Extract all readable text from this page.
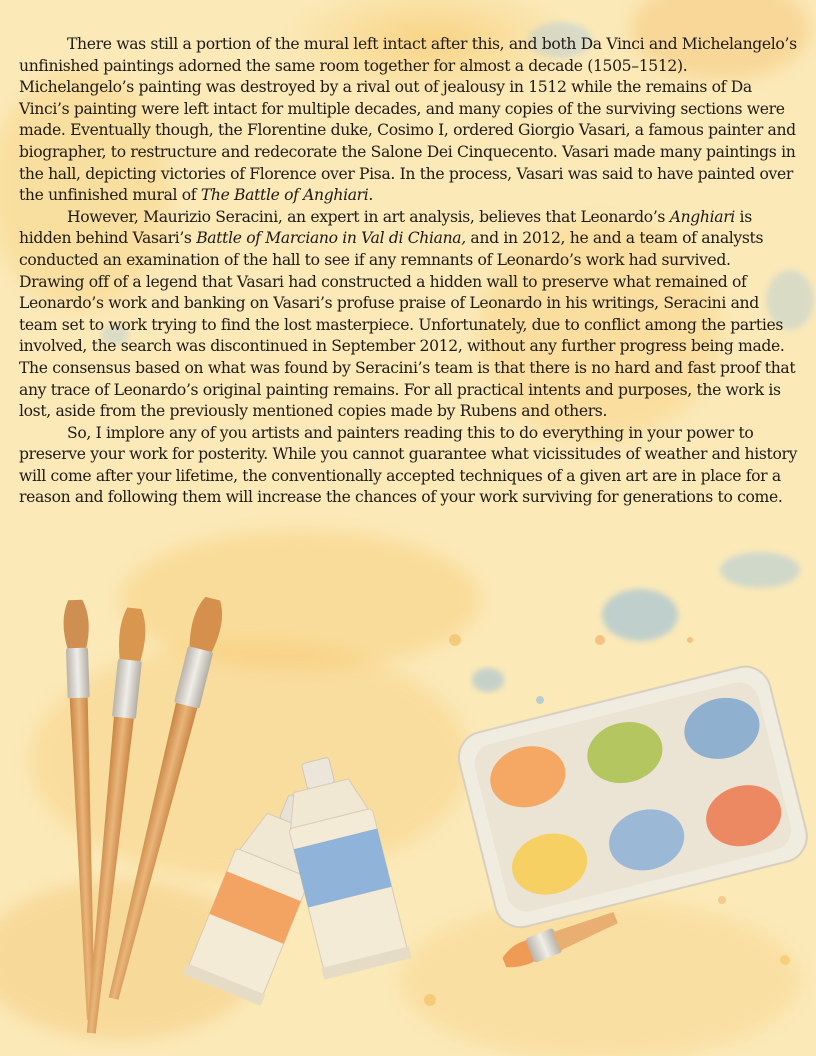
There was still a portion of the mural left intact after this, and both Da Vinci and Michelangelo’s unfinished paintings adorned the same room together for almost a decade (1505–1512). Michelangelo’s painting was destroyed by a rival out of jealousy in 1512 while the remains of Da Vinci’s painting were left intact for multiple decades, and many copies of the surviving sections were made. Eventually though, the Florentine duke, Cosimo I, ordered Giorgio Vasari, a famous painter and biographer, to restructure and redecorate the Salone Dei Cinquecento. Vasari made many paintings in the hall, depicting victories of Florence over Pisa. In the process, Vasari was said to have painted over the unfinished mural of The Battle of Anghiari.

However, Maurizio Seracini, an expert in art analysis, believes that Leonardo’s Anghiari is hidden behind Vasari’s Battle of Marciano in Val di Chiana, and in 2012, he and a team of analysts conducted an examination of the hall to see if any remnants of Leonardo’s work had survived. Drawing off of a legend that Vasari had constructed a hidden wall to preserve what remained of Leonardo’s work and banking on Vasari’s profuse praise of Leonardo in his writings, Seracini and team set to work trying to find the lost masterpiece. Unfortunately, due to conflict among the parties involved, the search was discontinued in September 2012, without any further progress being made. The consensus based on what was found by Seracini’s team is that there is no hard and fast proof that any trace of Leonardo’s original painting remains. For all practical intents and purposes, the work is lost, aside from the previously mentioned copies made by Rubens and others.

So, I implore any of you artists and painters reading this to do everything in your power to preserve your work for posterity. While you cannot guarantee what vicissitudes of weather and history will come after your lifetime, the conventionally accepted techniques of a given art are in place for a reason and following them will increase the chances of your work surviving for generations to come.
